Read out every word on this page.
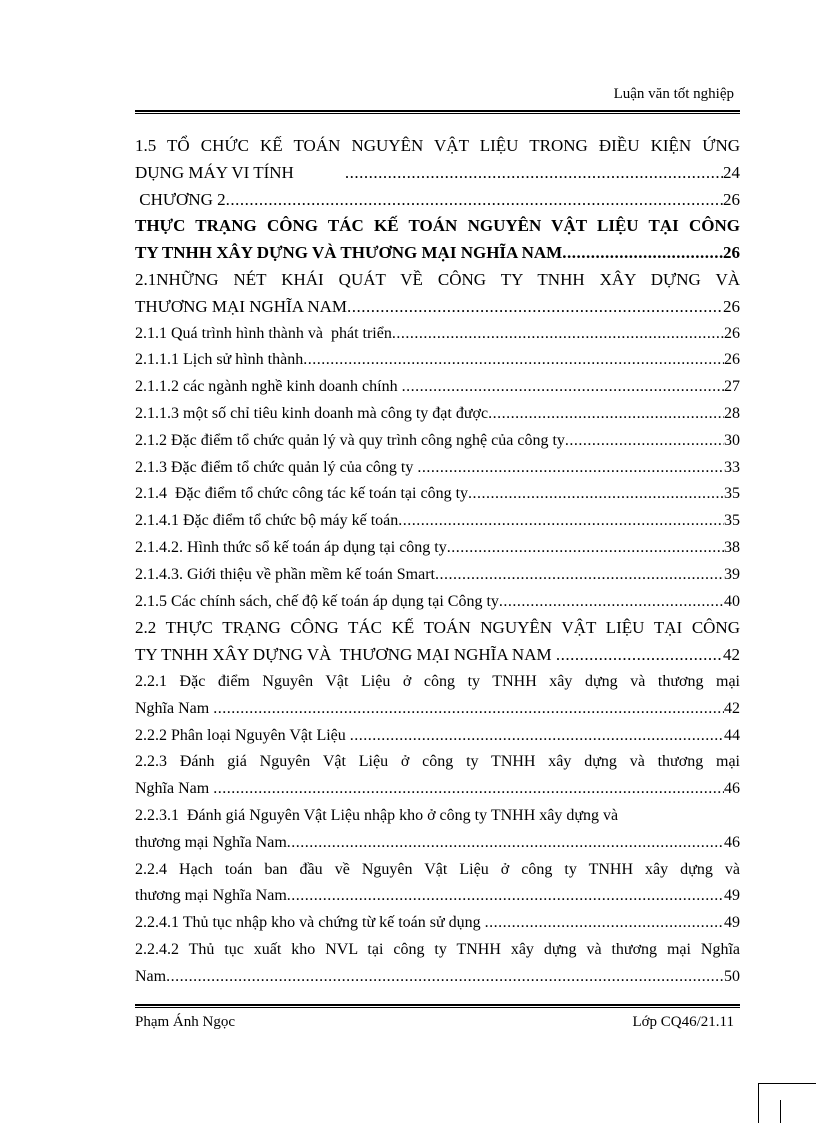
Luận văn tốt nghiệp
1.5 TỔ CHỨC KẾ TOÁN NGUYÊN VẬT LIỆU TRONG ĐIỀU KIỆN ỨNG
DỤNG MÁY VI TÍNH .....	24
CHƯƠNG 2 .....	26
THỰC TRẠNG CÔNG TÁC KẾ TOÁN NGUYÊN VẬT LIỆU TẠI CÔNG
TY TNHH XÂY DỰNG VÀ THƯƠNG MẠI NGHĨA NAM .....	26
2.1NHỮNG NÉT KHÁI QUÁT VỀ CÔNG TY TNHH XÂY DỰNG VÀ
THƯƠNG MẠI NGHĨA NAM .....	26
2.1.1 Quá trình hình thành và  phát triển .....	26
2.1.1.1 Lịch sử hình thành .....	26
2.1.1.2 các ngành nghề kinh doanh chính .....	27
2.1.1.3 một số chỉ tiêu kinh doanh mà công ty đạt được .....	28
2.1.2 Đặc điểm tổ chức quản lý và quy trình công nghệ của công ty .....	30
2.1.3 Đặc điểm tổ chức quản lý của công ty .....	33
2.1.4  Đặc điểm tổ chức công tác kế toán tại công ty .....	35
2.1.4.1 Đặc điểm tổ chức bộ máy kế toán .....	35
2.1.4.2. Hình thức sổ kế toán áp dụng tại công ty .....	38
2.1.4.3. Giới thiệu về phần mềm kế toán Smart .....	39
2.1.5 Các chính sách, chế độ kế toán áp dụng tại Công ty .....	40
2.2 THỰC TRẠNG CÔNG TÁC KẾ TOÁN NGUYÊN VẬT LIỆU TẠI CÔNG
TY TNHH XÂY DỰNG VÀ  THƯƠNG MẠI NGHĨA NAM .....	42
2.2.1 Đặc điểm Nguyên Vật Liệu ở công ty TNHH xây dựng và thương mại
Nghĩa Nam .....	42
2.2.2 Phân loại Nguyên Vật Liệu .....	44
2.2.3 Đánh giá Nguyên Vật Liệu ở công ty TNHH xây dựng và thương mại
Nghĩa Nam .....	46
2.2.3.1  Đánh giá Nguyên Vật Liệu nhập kho ở công ty TNHH xây dựng và
thương mại Nghĩa Nam .....	46
2.2.4 Hạch toán ban đầu về Nguyên Vật Liệu ở công ty TNHH xây dựng và
thương mại Nghĩa Nam .....	49
2.2.4.1 Thủ tục nhập kho và chứng từ kế toán sử dụng .....	49
2.2.4.2 Thủ tục xuất kho NVL tại công ty TNHH xây dựng và thương mại Nghĩa
Nam .....	50
Phạm Ánh Ngọc	Lớp CQ46/21.11
